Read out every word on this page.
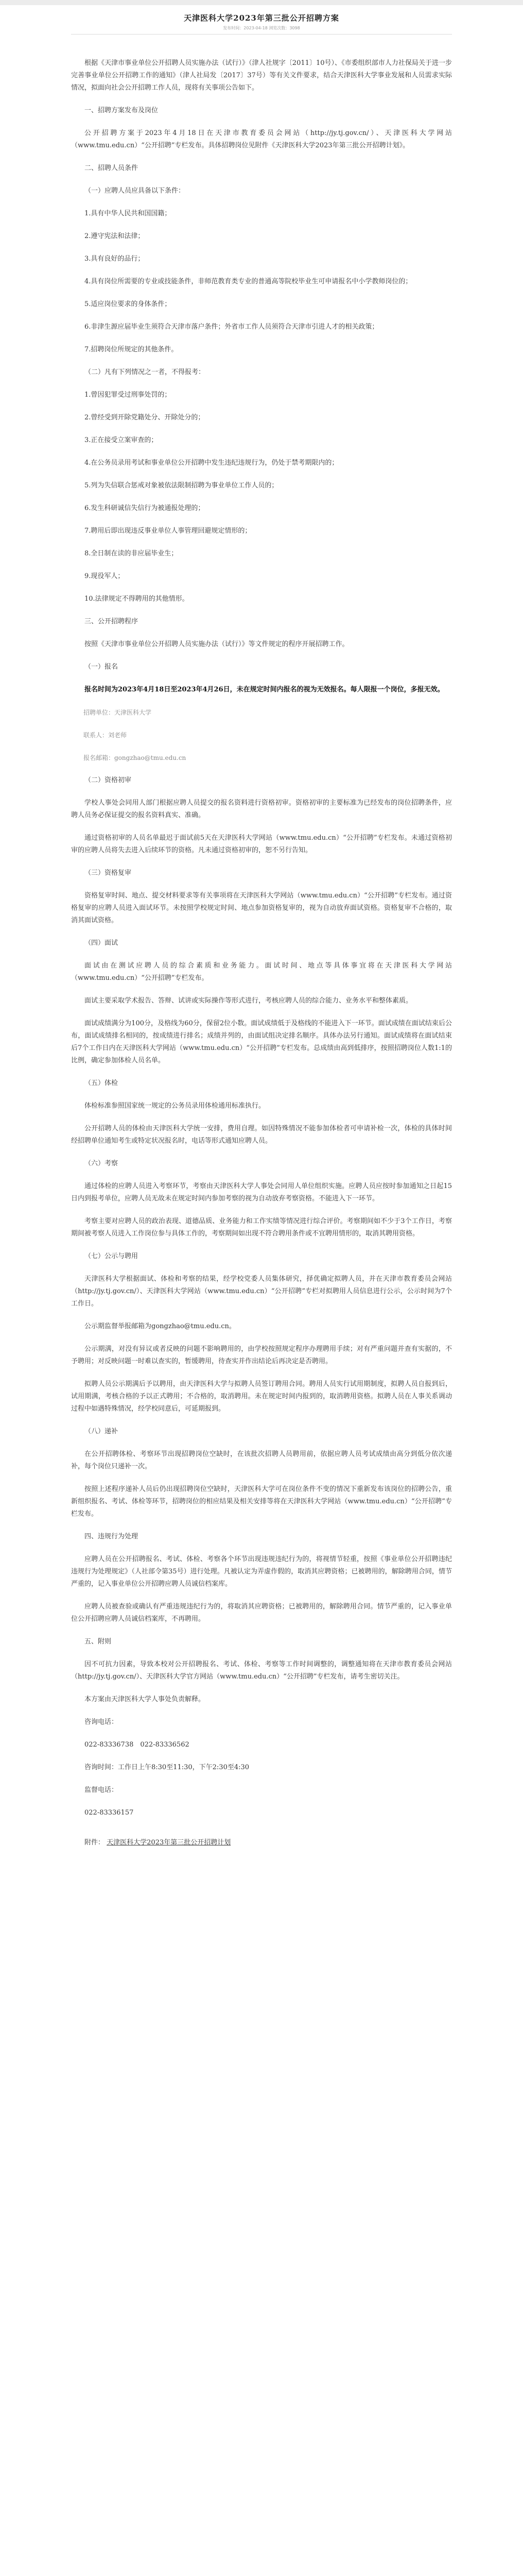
天津医科大学2023年第三批公开招聘方案
发布时间：2023-04-18 浏览次数：3098

根据《天津市事业单位公开招聘人员实施办法（试行）》（津人社规字〔2011〕10号）、《市委组织部市人力社保局关于进一步完善事业单位公开招聘工作的通知》（津人社局发〔2017〕37号）等有关文件要求，结合天津医科大学事业发展和人员需求实际情况，拟面向社会公开招聘工作人员，现将有关事项公告如下。

一、招聘方案发布及岗位

公开招聘方案于2023年4月18日在天津市教育委员会网站（http://jy.tj.gov.cn/）、天津医科大学网站（www.tmu.edu.cn）“公开招聘”专栏发布。具体招聘岗位见附件《天津医科大学2023年第三批公开招聘计划》。

二、招聘人员条件

（一）应聘人员应具备以下条件：

1.具有中华人民共和国国籍；

2.遵守宪法和法律；

3.具有良好的品行；

4.具有岗位所需要的专业或技能条件，非师范教育类专业的普通高等院校毕业生可申请报名中小学教师岗位的；

5.适应岗位要求的身体条件；

6.非津生源应届毕业生须符合天津市落户条件；外省市工作人员须符合天津市引进人才的相关政策；

7.招聘岗位所规定的其他条件。

（二）凡有下列情况之一者，不得报考：

1.曾因犯罪受过刑事处罚的；

2.曾经受到开除党籍处分、开除处分的；

3.正在接受立案审查的；

4.在公务员录用考试和事业单位公开招聘中发生违纪违规行为，仍处于禁考期限内的；

5.列为失信联合惩戒对象被依法限制招聘为事业单位工作人员的；

6.发生科研诚信失信行为被通报处理的；

7.聘用后即出现违反事业单位人事管理回避规定情形的；

8.全日制在读的非应届毕业生；

9.现役军人；

10.法律规定不得聘用的其他情形。

三、公开招聘程序

按照《天津市事业单位公开招聘人员实施办法（试行）》等文件规定的程序开展招聘工作。

（一）报名

报名时间为2023年4月18日至2023年4月26日，未在规定时间内报名的视为无效报名。每人限报一个岗位，多报无效。

招聘单位：天津医科大学

联系人：刘老师

报名邮箱：gongzhao@tmu.edu.cn

（二）资格初审

学校人事处会同用人部门根据应聘人员提交的报名资料进行资格初审。资格初审的主要标准为已经发布的岗位招聘条件，应聘人员务必保证提交的报名资料真实、准确。

通过资格初审的人员名单最迟于面试前5天在天津医科大学网站（www.tmu.edu.cn）“公开招聘”专栏发布。未通过资格初审的应聘人员将失去进入后续环节的资格。凡未通过资格初审的，恕不另行告知。

（三）资格复审

资格复审时间、地点、提交材料要求等有关事项将在天津医科大学网站（www.tmu.edu.cn）“公开招聘”专栏发布。通过资格复审的应聘人员进入面试环节。未按照学校规定时间、地点参加资格复审的，视为自动放弃面试资格。资格复审不合格的，取消其面试资格。

（四）面试

面试由在测试应聘人员的综合素质和业务能力。面试时间、地点等具体事宜将在天津医科大学网站（www.tmu.edu.cn）“公开招聘”专栏发布。

面试主要采取学术报告、答辩、试讲或实际操作等形式进行，考核应聘人员的综合能力、业务水平和整体素质。

面试成绩满分为100分，及格线为60分，保留2位小数。面试成绩低于及格线的不能进入下一环节。面试成绩在面试结束后公布，面试成绩排名相同的，按成绩进行排名；成绩并列的，由面试组决定排名顺序。具体办法另行通知。面试成绩将在面试结束后7个工作日内在天津医科大学网站（www.tmu.edu.cn）“公开招聘”专栏发布。总成绩由高到低排序，按照招聘岗位人数1:1的比例，确定参加体检人员名单。

（五）体检

体检标准参照国家统一规定的公务员录用体检通用标准执行。

公开招聘人员的体检由天津医科大学统一安排，费用自理。如因特殊情况不能参加体检者可申请补检一次，体检的具体时间经招聘单位通知考生或特定状况报名时，电话等形式通知应聘人员。

（六）考察

通过体检的应聘人员进入考察环节，考察由天津医科大学人事处会同用人单位组织实施。应聘人员应按时参加通知之日起15日内到报考单位，应聘人员无故未在规定时间内参加考察的视为自动放弃考察资格。不能进入下一环节。

考察主要对应聘人员的政治表现、道德品质、业务能力和工作实绩等情况进行综合评价。考察期间如不少于3个工作日，考察期间被考察人员进入工作岗位参与具体工作的，考察期间如出现不符合聘用条件或不宜聘用情形的，取消其聘用资格。

（七）公示与聘用

天津医科大学根据面试、体检和考察的结果，经学校党委人员集体研究，择优确定拟聘人员，并在天津市教育委员会网站（http://jy.tj.gov.cn/）、天津医科大学网站（www.tmu.edu.cn）“公开招聘”专栏对拟聘用人员信息进行公示，公示时间为7个工作日。

公示期监督举报邮箱为gongzhao@tmu.edu.cn。

公示期满，对没有异议或者反映的问题不影响聘用的，由学校按照规定程序办理聘用手续；对有严重问题并查有实据的，不予聘用；对反映问题一时难以查实的，暂缓聘用，待查实并作出结论后再决定是否聘用。

拟聘人员公示期满后予以聘用，由天津医科大学与拟聘人员签订聘用合同。聘用人员实行试用期制度，拟聘人员自报到后，试用期满，考核合格的予以正式聘用；不合格的，取消聘用。未在规定时间内报到的，取消聘用资格。拟聘人员在人事关系调动过程中如遇特殊情况，经学校同意后，可延期报到。

（八）递补

在公开招聘体检、考察环节出现招聘岗位空缺时，在该批次招聘人员聘用前，依据应聘人员考试成绩由高分到低分依次递补，每个岗位只递补一次。

按照上述程序递补人员后仍出现招聘岗位空缺时，天津医科大学可在岗位条件不变的情况下重新发布该岗位的招聘公告，重新组织报名、考试、体检等环节，招聘岗位的相应结果及相关安排等将在天津医科大学网站（www.tmu.edu.cn）“公开招聘”专栏发布。

四、违规行为处理

应聘人员在公开招聘报名、考试、体检、考察各个环节出现违规违纪行为的，将视情节轻重，按照《事业单位公开招聘违纪违规行为处理规定》（人社部令第35号）进行处理。凡被认定为弄虚作假的，取消其应聘资格；已被聘用的，解除聘用合同，情节严重的，记入事业单位公开招聘应聘人员诚信档案库。

应聘人员被查验或确认有严重违规违纪行为的，将取消其应聘资格；已被聘用的，解除聘用合同。情节严重的，记入事业单位公开招聘应聘人员诚信档案库，不再聘用。

五、附则

因不可抗力因素，导致本校对公开招聘报名、考试、体检、考察等工作时间调整的，调整通知将在天津市教育委员会网站（http://jy.tj.gov.cn/）、天津医科大学官方网站（www.tmu.edu.cn）“公开招聘”专栏发布，请考生密切关注。

本方案由天津医科大学人事处负责解释。

咨询电话：

022-83336738　022-83336562

咨询时间：工作日上午8:30至11:30，下午2:30至4:30

监督电话：

022-83336157

附件： 天津医科大学2023年第三批公开招聘计划
